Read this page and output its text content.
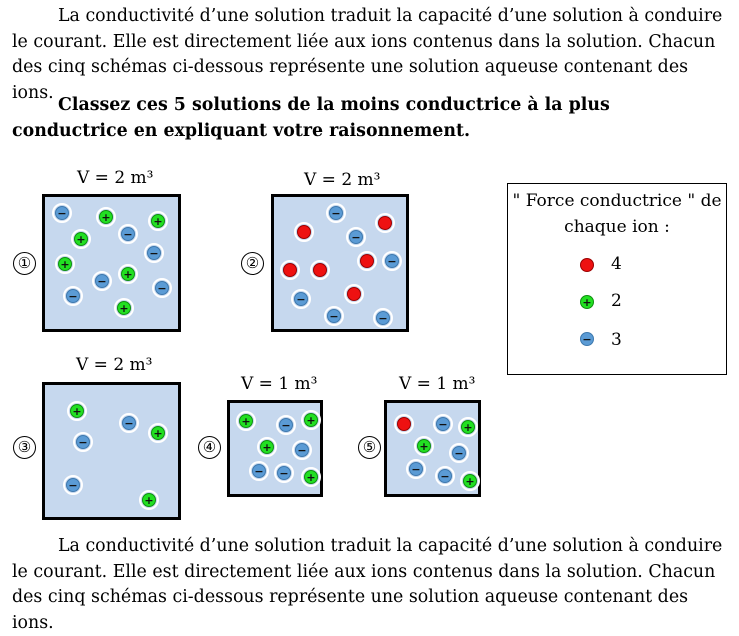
La conductivité d’une solution traduit la capacité d’une solution à conduire le courant. Elle est directement liée aux ions contenus dans la solution. Chacun des cinq schémas ci-dessous représente une solution aqueuse contenant des ions.
Classez ces 5 solutions de la moins conductrice à la plus conductrice en expliquant votre raisonnement.
V = 2 m³
①
−	+	+
+	−
−
+
+
−
−
−
+
V = 2 m³
②
−
−
−
−
−	−
" Force conductrice " de chaque ion :
4
+ 2
− 3
V = 2 m³
③
+
−
+
−
−
+
V = 1 m³
④
+	− +
+ −
− − +
V = 1 m³
⑤
− +
+
−
−
− +
La conductivité d’une solution traduit la capacité d’une solution à conduire le courant. Elle est directement liée aux ions contenus dans la solution. Chacun des cinq schémas ci-dessous représente une solution aqueuse contenant des ions.
